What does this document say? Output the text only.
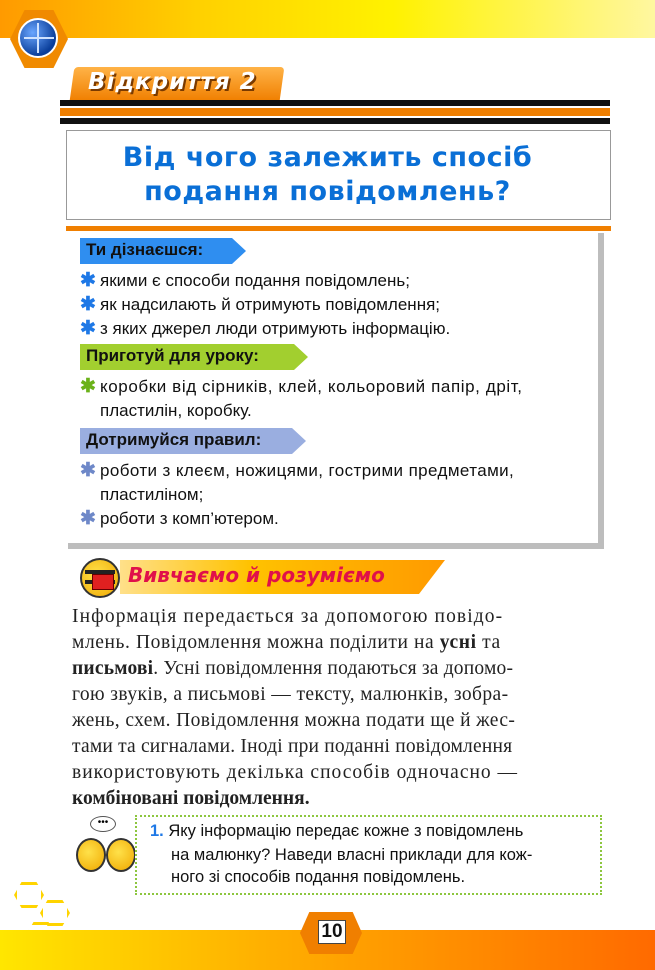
Відкриття 2
Від чого залежить спосіб
подання повідомлень?
Ти дізнаєшся:
✱ якими є способи подання повідомлень;
✱ як надсилають й отримують повідомлення;
✱ з яких джерел люди отримують інформацію.
Приготуй для уроку:
✱ коробки від сірників, клей, кольоровий папір, дріт,
пластилін, коробку.
Дотримуйся правил:
✱ роботи з клеєм, ножицями, гострими предметами,
пластиліном;
✱ роботи з комп’ютером.
Вивчаємо й розуміємо
Інформація передається за допомогою повідо-
млень. Повідомлення можна поділити на усні та
письмові. Усні повідомлення подаються за допомо-
гою звуків, а письмові — тексту, малюнків, зобра-
жень, схем. Повідомлення можна подати ще й жес-
тами та сигналами. Іноді при поданні повідомлення
використовують декілька способів одночасно —
комбіновані повідомлення.
•••	1. Яку інформацію передає кожне з повідомлень
на малюнку? Наведи власні приклади для кож-
ного зі способів подання повідомлень.
10
